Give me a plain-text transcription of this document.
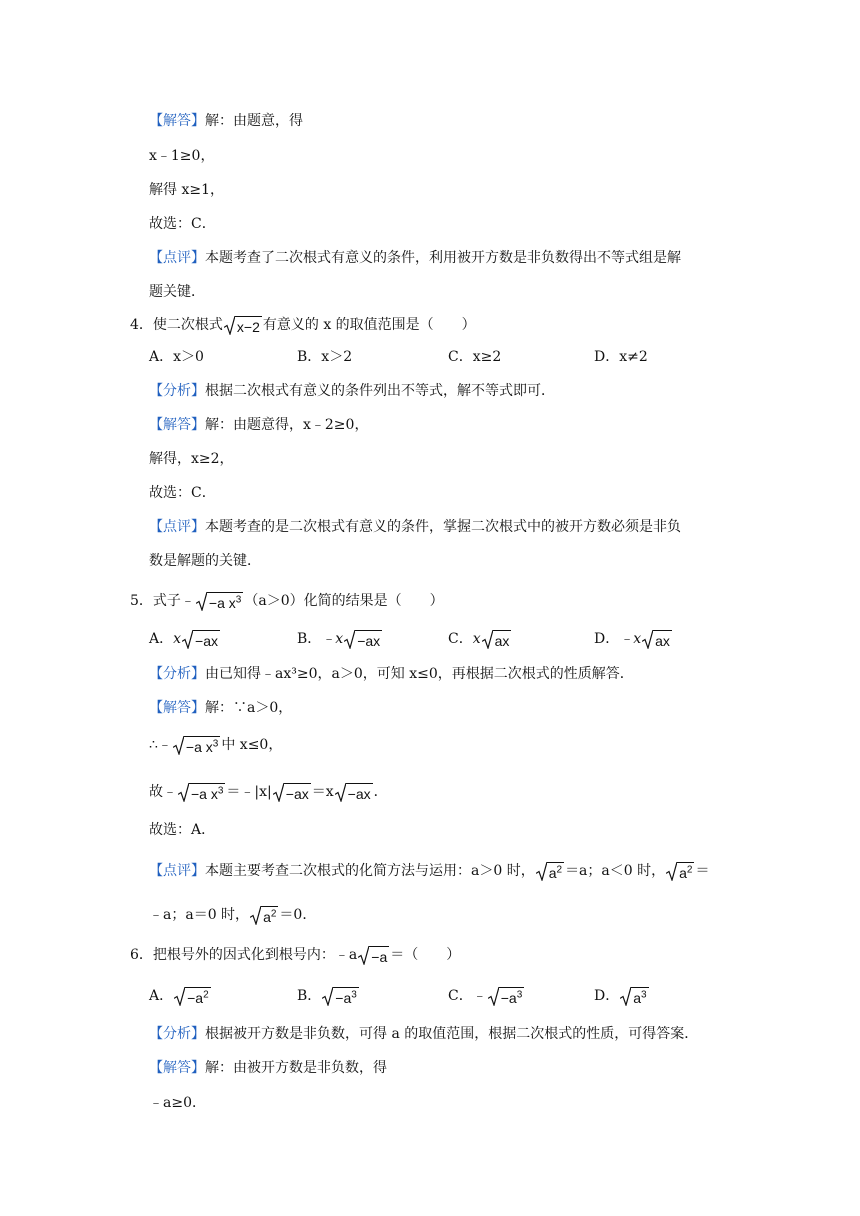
【解答】解：由题意，得
x﹣1≥0，
解得 x≥1，
故选：C．
【点评】本题考查了二次根式有意义的条件，利用被开方数是非负数得出不等式组是解
题关键．
4．使二次根式 x−2 有意义的 x 的取值范围是（　　）
A．x＞0	B．x＞2	C．x≥2	D．x≠2
【分析】根据二次根式有意义的条件列出不等式，解不等式即可．
【解答】解：由题意得，x﹣2≥0，
解得，x≥2，
故选：C．
【点评】本题考查的是二次根式有意义的条件，掌握二次根式中的被开方数必须是非负
数是解题的关键．
5．式子﹣ −a $x^3$ （a＞0）化简的结果是（　　）
A．x −ax	B．﹣x −ax	C．x ax	D．﹣x ax
【分析】由已知得﹣ax³≥0，a＞0，可知 x≤0，再根据二次根式的性质解答．
【解答】解：∵a＞0，
∴﹣ −a $x^3$ 中 x≤0，
故﹣ −a $x^3$ ＝﹣|x| −ax ＝x −ax ．
故选：A．
【点评】本题主要考查二次根式的化简方法与运用：a＞0 时， $a^2 =a$；a＜0 时， $a^2$ ＝
﹣a；a＝0 时， $a^2 =0$．
6．把根号外的因式化到根号内：﹣a −a ＝（　　）
A． $-a^2$	B． $-a^3$	C．﹣ $-a^3$	D． $a^3$
【分析】根据被开方数是非负数，可得 a 的取值范围，根据二次根式的性质，可得答案．
【解答】解：由被开方数是非负数，得
﹣a≥0．
